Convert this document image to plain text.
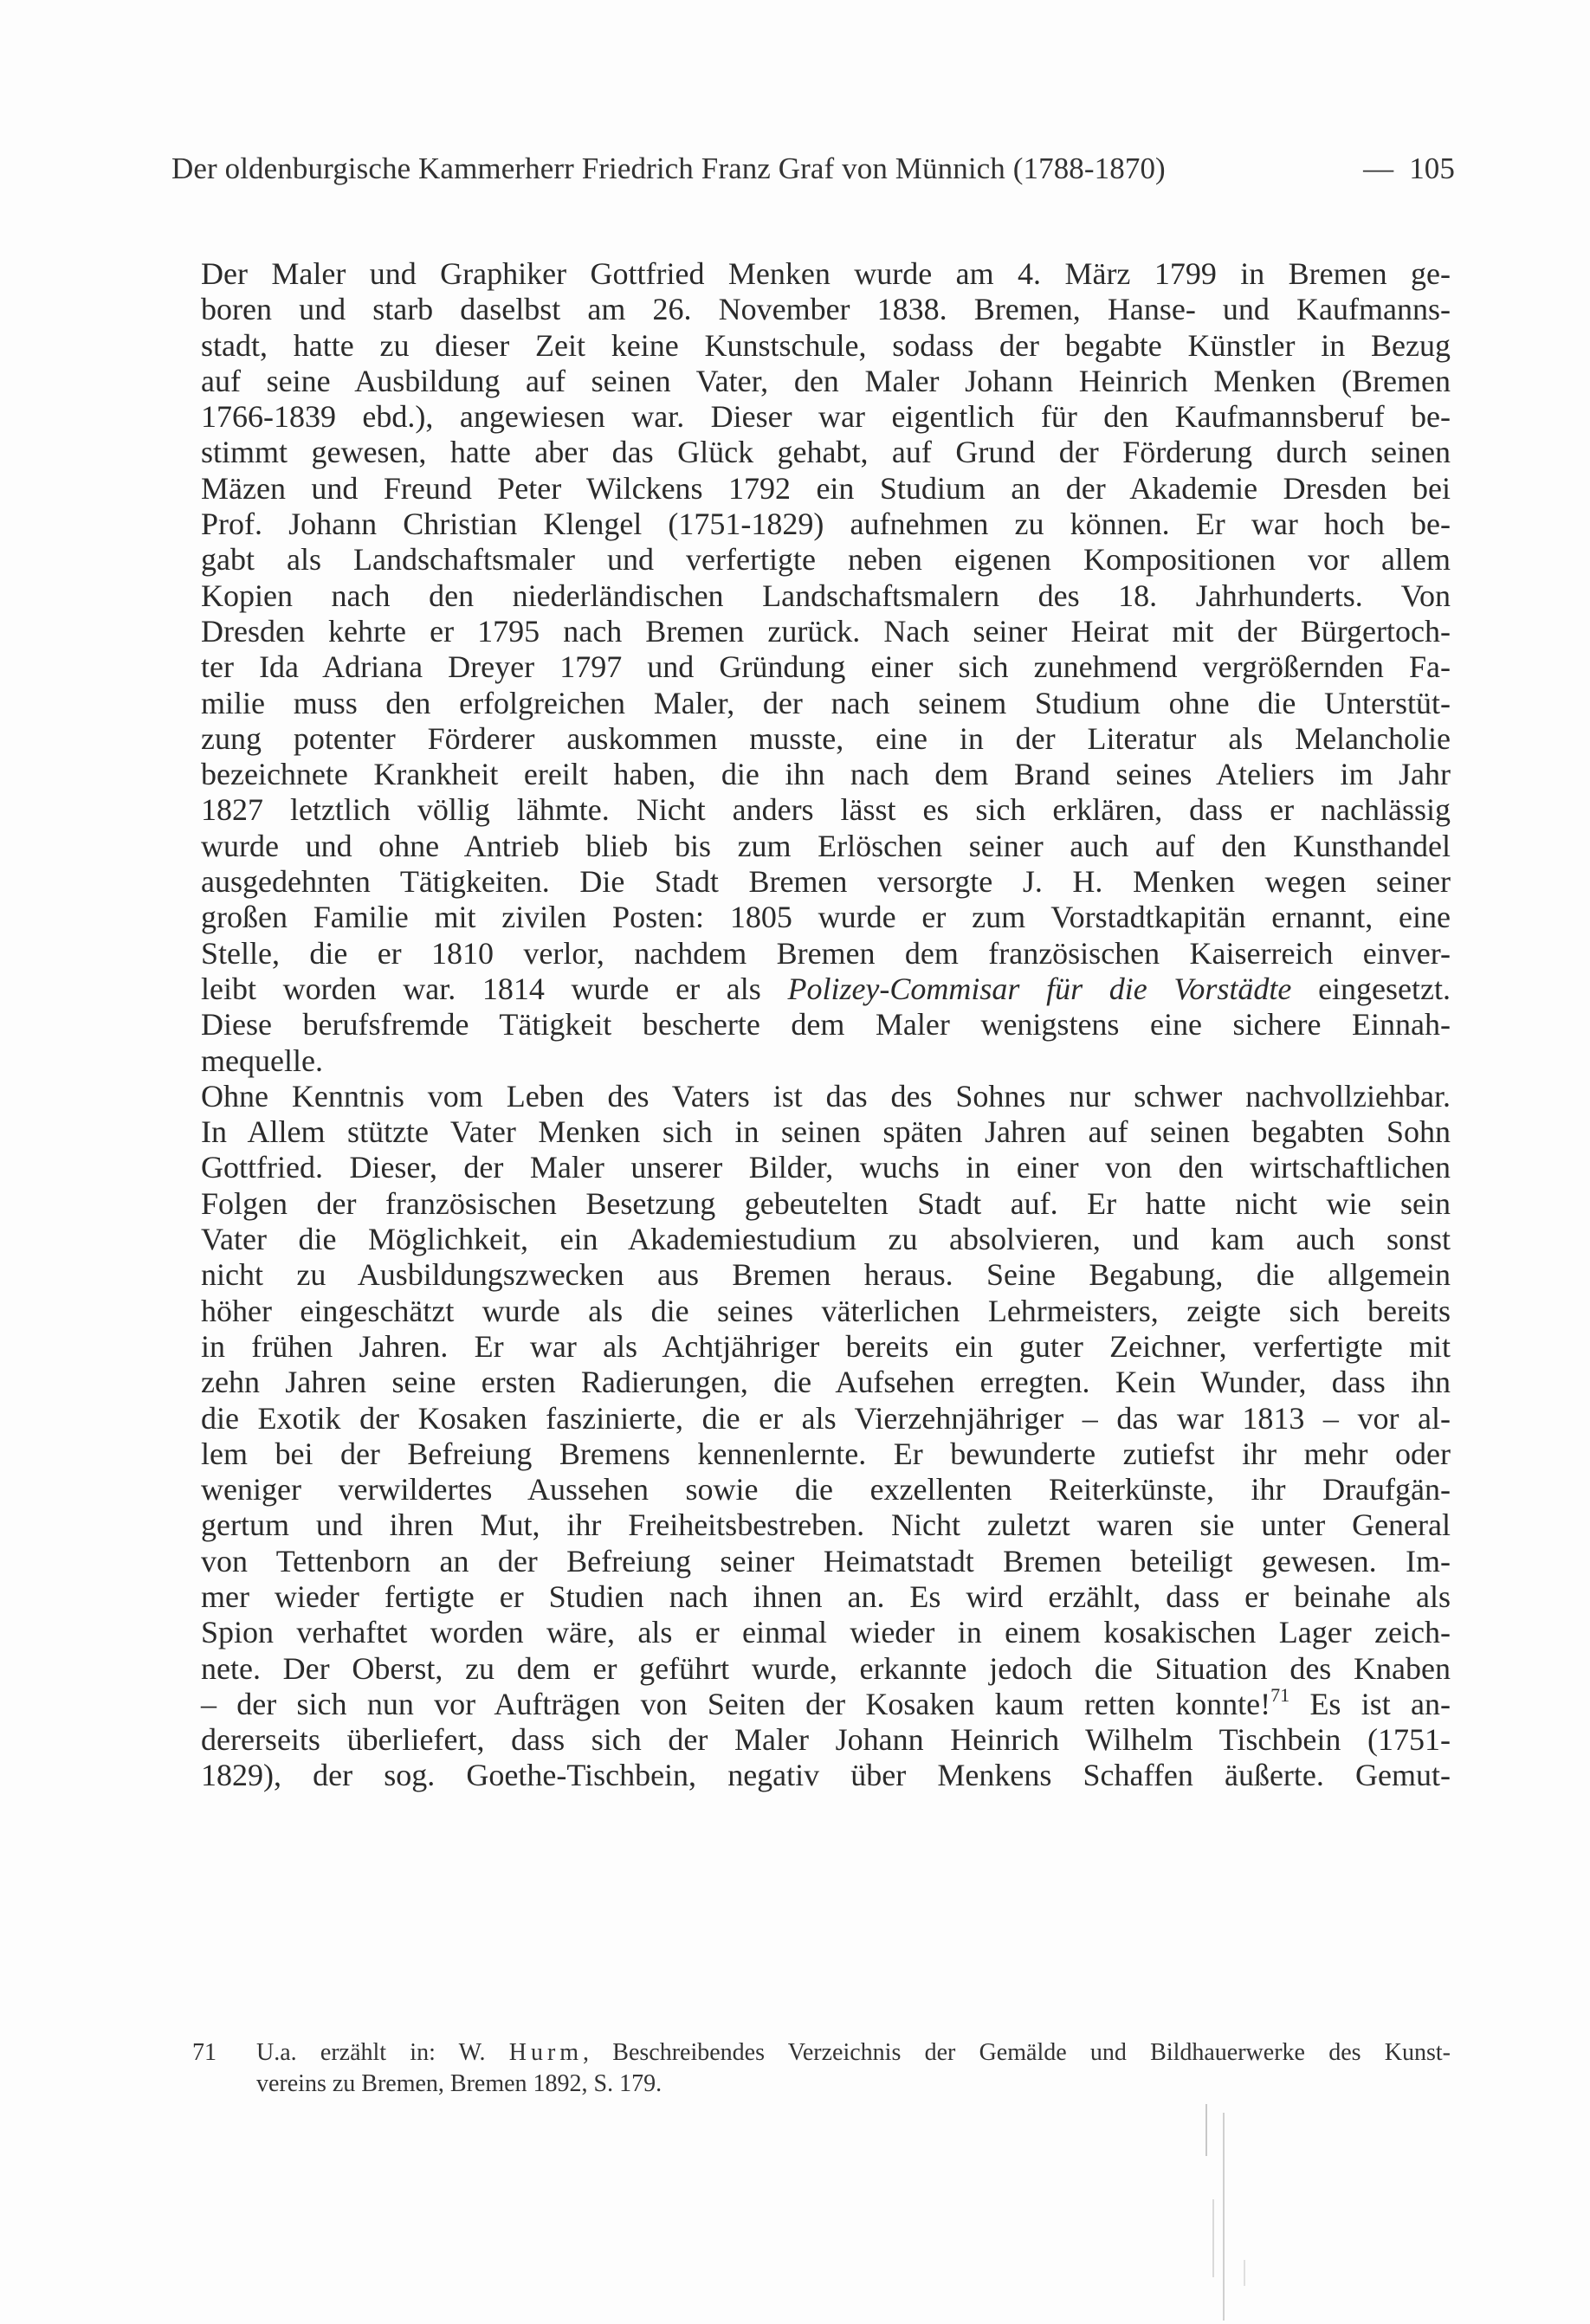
Der oldenburgische Kammerherr Friedrich Franz Graf von Münnich (1788-1870)	— 105
Der Maler und Graphiker Gottfried Menken wurde am 4. März 1799 in Bremen ge-
boren und starb daselbst am 26. November 1838. Bremen, Hanse- und Kaufmanns-
stadt, hatte zu dieser Zeit keine Kunstschule, sodass der begabte Künstler in Bezug
auf seine Ausbildung auf seinen Vater, den Maler Johann Heinrich Menken (Bremen
1766-1839 ebd.), angewiesen war. Dieser war eigentlich für den Kaufmannsberuf be-
stimmt gewesen, hatte aber das Glück gehabt, auf Grund der Förderung durch seinen
Mäzen und Freund Peter Wilckens 1792 ein Studium an der Akademie Dresden bei
Prof. Johann Christian Klengel (1751-1829) aufnehmen zu können. Er war hoch be-
gabt als Landschaftsmaler und verfertigte neben eigenen Kompositionen vor allem
Kopien nach den niederländischen Landschaftsmalern des 18. Jahrhunderts. Von
Dresden kehrte er 1795 nach Bremen zurück. Nach seiner Heirat mit der Bürgertoch-
ter Ida Adriana Dreyer 1797 und Gründung einer sich zunehmend vergrößernden Fa-
milie muss den erfolgreichen Maler, der nach seinem Studium ohne die Unterstüt-
zung potenter Förderer auskommen musste, eine in der Literatur als Melancholie
bezeichnete Krankheit ereilt haben, die ihn nach dem Brand seines Ateliers im Jahr
1827 letztlich völlig lähmte. Nicht anders lässt es sich erklären, dass er nachlässig
wurde und ohne Antrieb blieb bis zum Erlöschen seiner auch auf den Kunsthandel
ausgedehnten Tätigkeiten. Die Stadt Bremen versorgte J. H. Menken wegen seiner
großen Familie mit zivilen Posten: 1805 wurde er zum Vorstadtkapitän ernannt, eine
Stelle, die er 1810 verlor, nachdem Bremen dem französischen Kaiserreich einver-
leibt worden war. 1814 wurde er als Polizey-Commisar für die Vorstädte eingesetzt.
Diese berufsfremde Tätigkeit bescherte dem Maler wenigstens eine sichere Einnah-
mequelle.
Ohne Kenntnis vom Leben des Vaters ist das des Sohnes nur schwer nachvollziehbar.
In Allem stützte Vater Menken sich in seinen späten Jahren auf seinen begabten Sohn
Gottfried. Dieser, der Maler unserer Bilder, wuchs in einer von den wirtschaftlichen
Folgen der französischen Besetzung gebeutelten Stadt auf. Er hatte nicht wie sein
Vater die Möglichkeit, ein Akademiestudium zu absolvieren, und kam auch sonst
nicht zu Ausbildungszwecken aus Bremen heraus. Seine Begabung, die allgemein
höher eingeschätzt wurde als die seines väterlichen Lehrmeisters, zeigte sich bereits
in frühen Jahren. Er war als Achtjähriger bereits ein guter Zeichner, verfertigte mit
zehn Jahren seine ersten Radierungen, die Aufsehen erregten. Kein Wunder, dass ihn
die Exotik der Kosaken faszinierte, die er als Vierzehnjähriger – das war 1813 – vor al-
lem bei der Befreiung Bremens kennenlernte. Er bewunderte zutiefst ihr mehr oder
weniger verwildertes Aussehen sowie die exzellenten Reiterkünste, ihr Draufgän-
gertum und ihren Mut, ihr Freiheitsbestreben. Nicht zuletzt waren sie unter General
von Tettenborn an der Befreiung seiner Heimatstadt Bremen beteiligt gewesen. Im-
mer wieder fertigte er Studien nach ihnen an. Es wird erzählt, dass er beinahe als
Spion verhaftet worden wäre, als er einmal wieder in einem kosakischen Lager zeich-
nete. Der Oberst, zu dem er geführt wurde, erkannte jedoch die Situation des Knaben
– der sich nun vor Aufträgen von Seiten der Kosaken kaum retten konnte!$^{71}$ Es ist an-
dererseits überliefert, dass sich der Maler Johann Heinrich Wilhelm Tischbein (1751-
1829), der sog. Goethe-Tischbein, negativ über Menkens Schaffen äußerte. Gemut-
71 U.a. erzählt in: W. Hurm, Beschreibendes Verzeichnis der Gemälde und Bildhauerwerke des Kunst-
vereins zu Bremen, Bremen 1892, S. 179.
